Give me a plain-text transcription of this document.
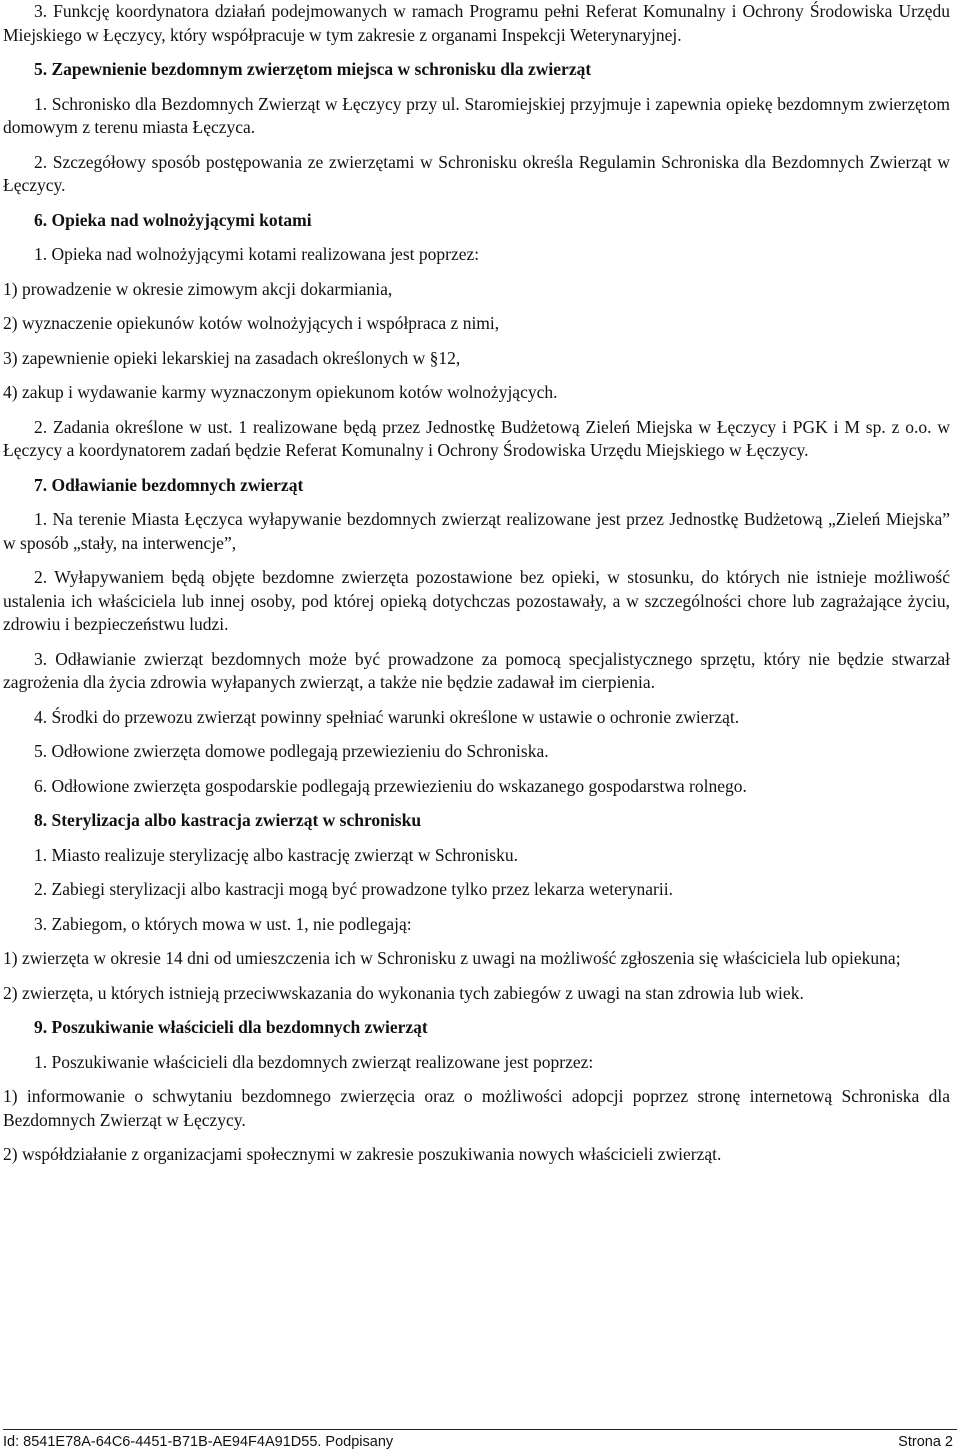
3. Funkcję koordynatora działań podejmowanych w ramach Programu pełni Referat Komunalny i Ochrony Środowiska Urzędu Miejskiego w Łęczycy, który współpracuje w tym zakresie z organami Inspekcji Weterynaryjnej.

5. Zapewnienie bezdomnym zwierzętom miejsca w schronisku dla zwierząt

1. Schronisko dla Bezdomnych Zwierząt w Łęczycy przy ul. Staromiejskiej przyjmuje i zapewnia opiekę bezdomnym zwierzętom domowym z terenu miasta Łęczyca.

2. Szczegółowy sposób postępowania ze zwierzętami w Schronisku określa Regulamin Schroniska dla Bezdomnych Zwierząt w Łęczycy.

6. Opieka nad wolnożyjącymi kotami

1. Opieka nad wolnożyjącymi kotami realizowana jest poprzez:

1) prowadzenie w okresie zimowym akcji dokarmiania,

2) wyznaczenie opiekunów kotów wolnożyjących i współpraca z nimi,

3) zapewnienie opieki lekarskiej na zasadach określonych w §12,

4) zakup i wydawanie karmy wyznaczonym opiekunom kotów wolnożyjących.

2. Zadania określone w ust. 1 realizowane będą przez Jednostkę Budżetową Zieleń Miejska w Łęczycy i PGK i M sp. z o.o. w Łęczycy a koordynatorem zadań będzie Referat Komunalny i Ochrony Środowiska Urzędu Miejskiego w Łęczycy.

7. Odławianie bezdomnych zwierząt

1. Na terenie Miasta Łęczyca wyłapywanie bezdomnych zwierząt realizowane jest przez Jednostkę Budżetową „Zieleń Miejska” w sposób „stały, na interwencje”,

2. Wyłapywaniem będą objęte bezdomne zwierzęta pozostawione bez opieki, w stosunku, do których nie istnieje możliwość ustalenia ich właściciela lub innej osoby, pod której opieką dotychczas pozostawały, a w szczególności chore lub zagrażające życiu, zdrowiu i bezpieczeństwu ludzi.

3. Odławianie zwierząt bezdomnych może być prowadzone za pomocą specjalistycznego sprzętu, który nie będzie stwarzał zagrożenia dla życia zdrowia wyłapanych zwierząt, a także nie będzie zadawał im cierpienia.

4. Środki do przewozu zwierząt powinny spełniać warunki określone w ustawie o ochronie zwierząt.

5. Odłowione zwierzęta domowe podlegają przewiezieniu do Schroniska.

6. Odłowione zwierzęta gospodarskie podlegają przewiezieniu do wskazanego gospodarstwa rolnego.

8. Sterylizacja albo kastracja zwierząt w schronisku

1. Miasto realizuje sterylizację albo kastrację zwierząt w Schronisku.

2. Zabiegi sterylizacji albo kastracji mogą być prowadzone tylko przez lekarza weterynarii.

3. Zabiegom, o których mowa w ust. 1, nie podlegają:

1) zwierzęta w okresie 14 dni od umieszczenia ich w Schronisku z uwagi na możliwość zgłoszenia się właściciela lub opiekuna;

2) zwierzęta, u których istnieją przeciwwskazania do wykonania tych zabiegów z uwagi na stan zdrowia lub wiek.

9. Poszukiwanie właścicieli dla bezdomnych zwierząt

1. Poszukiwanie właścicieli dla bezdomnych zwierząt realizowane jest poprzez:

1) informowanie o schwytaniu bezdomnego zwierzęcia oraz o możliwości adopcji poprzez stronę internetową Schroniska dla Bezdomnych Zwierząt w Łęczycy.

2) współdziałanie z organizacjami społecznymi w zakresie poszukiwania nowych właścicieli zwierząt.

Id: 8541E78A-64C6-4451-B71B-AE94F4A91D55. Podpisany	Strona 2
